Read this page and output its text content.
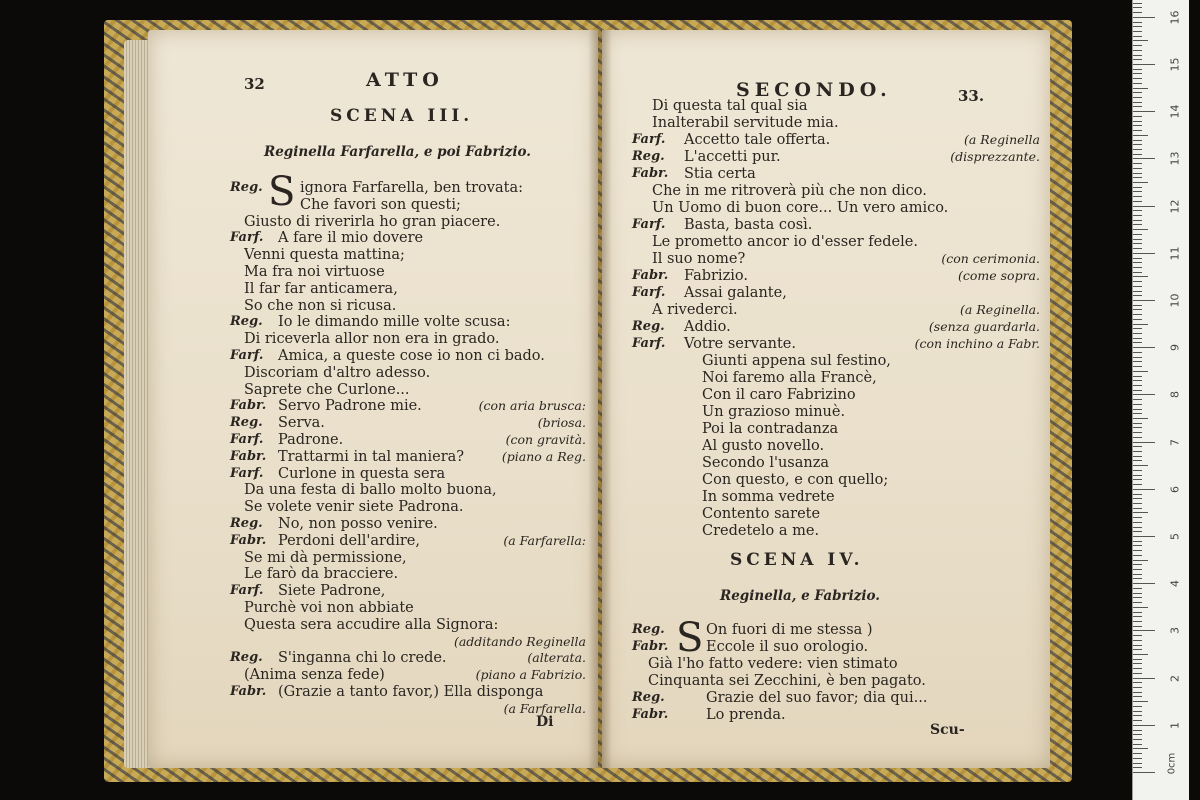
32	ATTO
SCENA III.
Reginella Farfarella, e poi Fabrizio.
S
Reg.	ignora Farfarella, ben trovata:
Che favori son questi;
Giusto di riverirla ho gran piacere.
Farf. A fare il mio dovere
Venni questa mattina;
Ma fra noi virtuose
Il far far anticamera,
So che non si ricusa.
Reg. Io le dimando mille volte scusa:
Di riceverla allor non era in grado.
Farf. Amica, a queste cose io non ci bado.
Discoriam d'altro adesso.
Saprete che Curlone...
Fabr. Servo Padrone mie.	(con aria brusca:
Reg. Serva.	(briosa.
Farf. Padrone.	(con gravità.
Fabr. Trattarmi in tal maniera?	(piano a Reg.
Farf. Curlone in questa sera
Da una festa di ballo molto buona,
Se volete venir siete Padrona.
Reg. No, non posso venire.
Fabr. Perdoni dell'ardire,	(a Farfarella:
Se mi dà permissione,
Le farò da bracciere.
Farf. Siete Padrone,
Purchè voi non abbiate
Questa sera accudire alla Signora:
(additando Reginella
Reg. S'inganna chi lo crede.	(alterata.
(Anima senza fede)	(piano a Fabrizio.
Fabr. (Grazie a tanto favor,) Ella disponga
(a Farfarella.
Di
SECONDO.	33.
Di questa tal qual sia
Inalterabil servitude mia.
Farf. Accetto tale offerta.	(a Reginella
Reg. L'accetti pur.	(disprezzante.
Fabr. Stia certa
Che in me ritroverà più che non dico.
Un Uomo di buon core... Un vero amico.
Farf. Basta, basta così.
Le prometto ancor io d'esser fedele.
Il suo nome?	(con cerimonia.
Fabr. Fabrizio.	(come sopra.
Farf. Assai galante,
A rivederci.	(a Reginella.
Reg. Addio.	(senza guardarla.
Farf. Votre servante.	(con inchino a Fabr.
Giunti appena sul festino,
Noi faremo alla Francè,
Con il caro Fabrizino
Un grazioso minuè.
Poi la contradanza
Al gusto novello.
Secondo l'usanza
Con questo, e con quello;
In somma vedrete
Contento sarete
Credetelo a me.
SCENA IV.
Reginella, e Fabrizio.
S
Reg.	On fuori di me stessa )
Fabr.	Eccole il suo orologio.
Già l'ho fatto vedere: vien stimato
Cinquanta sei Zecchini, è ben pagato.
Reg.	Grazie del suo favor; dia qui...
Fabr.	Lo prenda.
Scu-
0cm
1
2
3
4
5
6
7
8
9
10
11
12
13
14
15
16
